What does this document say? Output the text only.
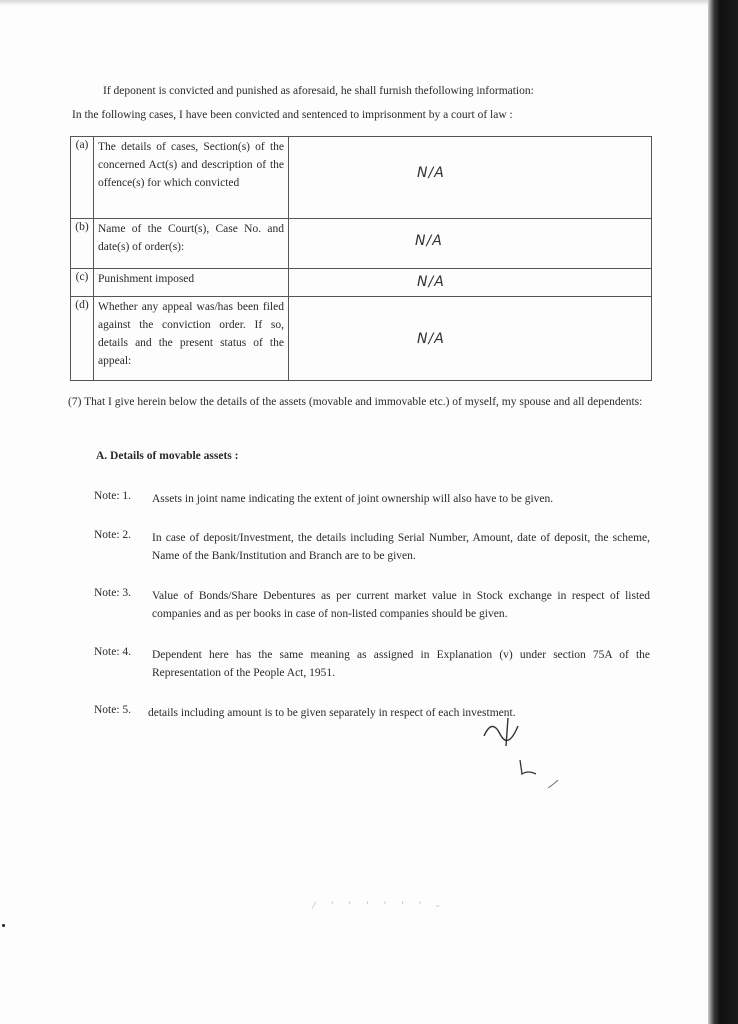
If deponent is convicted and punished as aforesaid, he shall furnish thefollowing information:
In the following cases, I have been convicted and sentenced to imprisonment by a court of law :
(a)	The details of cases, Section(s) of the concerned Act(s) and description of the offence(s) for which convicted	N/A

(b)	Name of the Court(s), Case No. and date(s) of order(s):	N/A

(c)	Punishment imposed	N/A

(d)	Whether any appeal was/has been filed against the conviction order. If so, details and the present status of the appeal:	N/A
(7) That I give herein below the details of the assets (movable and immovable etc.) of myself, my spouse and all dependents:
A. Details of movable assets :
Note: 1. Assets in joint name indicating the extent of joint ownership will also have to be given.
Note: 2. In case of deposit/Investment, the details including Serial Number, Amount, date of deposit, the scheme, Name of the Bank/Institution and Branch are to be given.
Note: 3. Value of Bonds/Share Debentures as per current market value in Stock exchange in respect of listed companies and as per books in case of non-listed companies should be given.
Note: 4. Dependent here has the same meaning as assigned in Explanation (v) under section 75A of the Representation of the People Act, 1951.
Note: 5. details including amount is to be given separately in respect of each investment.
/ ' ' ' ' ' ' -
